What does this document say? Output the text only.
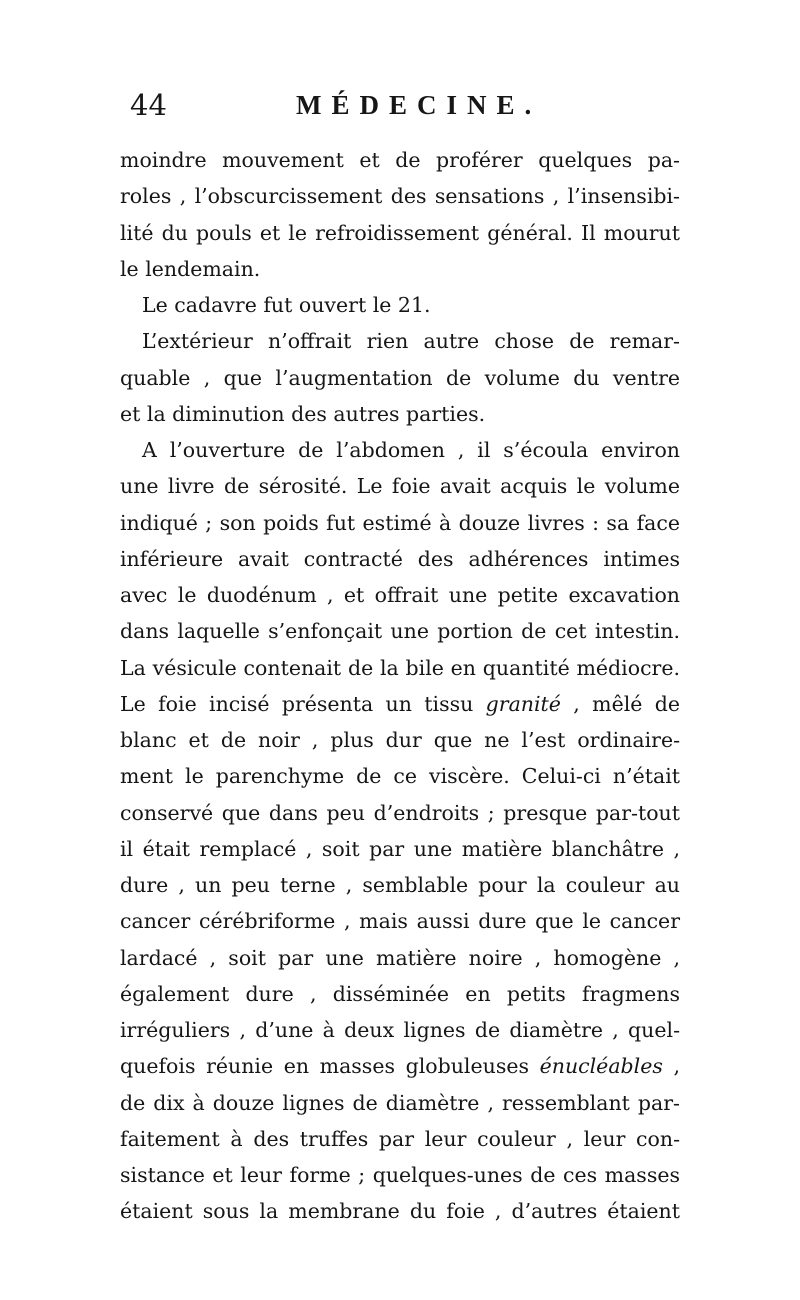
44	MÉDECINE.
moindre mouvement et de proférer quelques pa-
roles , l’obscurcissement des sensations , l’insensibi-
lité du pouls et le refroidissement général. Il mourut
le lendemain.
Le cadavre fut ouvert le 21.
L’extérieur n’offrait rien autre chose de remar-
quable , que l’augmentation de volume du ventre
et la diminution des autres parties.
A l’ouverture de l’abdomen , il s’écoula environ
une livre de sérosité. Le foie avait acquis le volume
indiqué ; son poids fut estimé à douze livres : sa face
inférieure avait contracté des adhérences intimes
avec le duodénum , et offrait une petite excavation
dans laquelle s’enfonçait une portion de cet intestin.
La vésicule contenait de la bile en quantité médiocre.
Le foie incisé présenta un tissu granité , mêlé de
blanc et de noir , plus dur que ne l’est ordinaire-
ment le parenchyme de ce viscère. Celui-ci n’était
conservé que dans peu d’endroits ; presque par-tout
il était remplacé , soit par une matière blanchâtre ,
dure , un peu terne , semblable pour la couleur au
cancer cérébriforme , mais aussi dure que le cancer
lardacé , soit par une matière noire , homogène ,
également dure , disséminée en petits fragmens
irréguliers , d’une à deux lignes de diamètre , quel-
quefois réunie en masses globuleuses énucléables ,
de dix à douze lignes de diamètre , ressemblant par-
faitement à des truffes par leur couleur , leur con-
sistance et leur forme ; quelques-unes de ces masses
étaient sous la membrane du foie , d’autres étaient
